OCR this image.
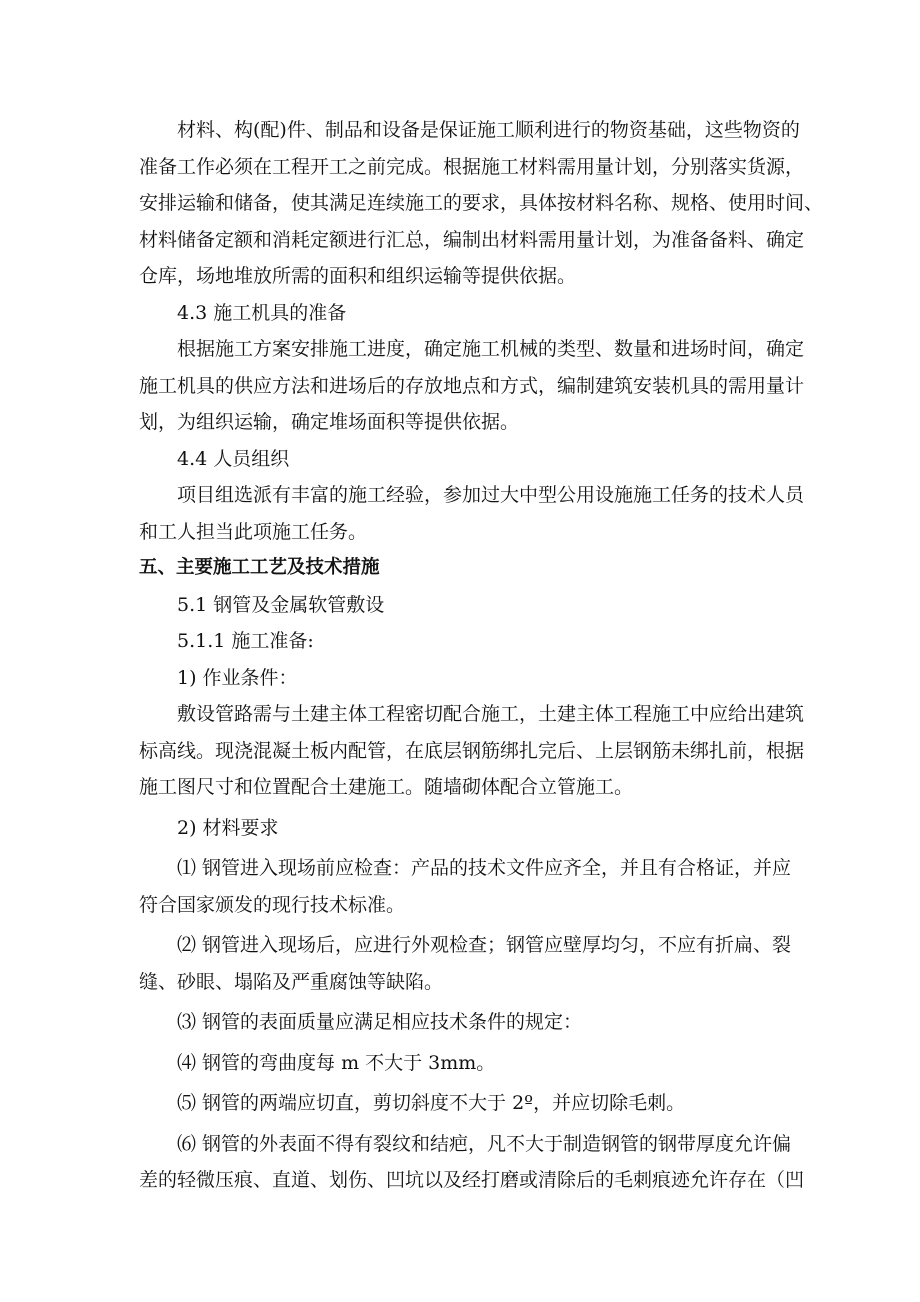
材料、构(配)件、制品和设备是保证施工顺利进行的物资基础，这些物资的
准备工作必须在工程开工之前完成。根据施工材料需用量计划，分别落实货源，
安排运输和储备，使其满足连续施工的要求，具体按材料名称、规格、使用时间、
材料储备定额和消耗定额进行汇总，编制出材料需用量计划，为准备备料、确定
仓库，场地堆放所需的面积和组织运输等提供依据。
4.3 施工机具的准备
根据施工方案安排施工进度，确定施工机械的类型、数量和进场时间，确定
施工机具的供应方法和进场后的存放地点和方式，编制建筑安装机具的需用量计
划，为组织运输，确定堆场面积等提供依据。
4.4 人员组织
项目组选派有丰富的施工经验，参加过大中型公用设施施工任务的技术人员
和工人担当此项施工任务。
五、主要施工工艺及技术措施
5.1 钢管及金属软管敷设
5.1.1 施工准备:
1) 作业条件：
敷设管路需与土建主体工程密切配合施工，土建主体工程施工中应给出建筑
标高线。现浇混凝土板内配管，在底层钢筋绑扎完后、上层钢筋未绑扎前，根据
施工图尺寸和位置配合土建施工。随墙砌体配合立管施工。
2) 材料要求
⑴ 钢管进入现场前应检查：产品的技术文件应齐全，并且有合格证，并应
符合国家颁发的现行技术标准。
⑵ 钢管进入现场后，应进行外观检查；钢管应壁厚均匀，不应有折扁、裂
缝、砂眼、塌陷及严重腐蚀等缺陷。
⑶ 钢管的表面质量应满足相应技术条件的规定：
⑷ 钢管的弯曲度每 m 不大于 3mm。
⑸ 钢管的两端应切直，剪切斜度不大于 2º，并应切除毛刺。
⑹ 钢管的外表面不得有裂纹和结疤，凡不大于制造钢管的钢带厚度允许偏
差的轻微压痕、直道、划伤、凹坑以及经打磨或清除后的毛刺痕迹允许存在（凹
